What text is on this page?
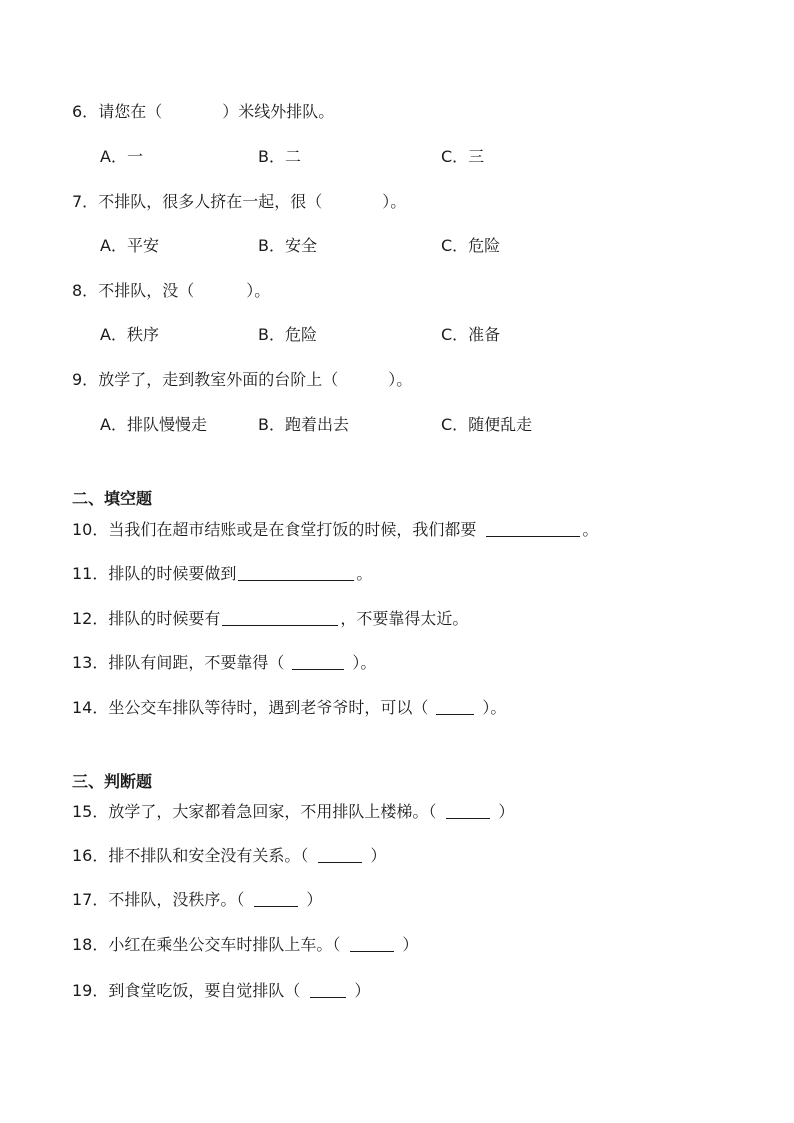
6．请您在（	）米线外排队。
A．一	B．二	C．三
7．不排队，很多人挤在一起，很（	）。
A．平安	B．安全	C．危险
8．不排队，没（	）。
A．秩序	B．危险	C．准备
9．放学了，走到教室外面的台阶上（	）。
A．排队慢慢走	B．跑着出去	C．随便乱走
二、填空题
10．当我们在超市结账或是在食堂打饭的时候，我们都要	。
11．排队的时候要做到	。
12．排队的时候要有	，不要靠得太近。
13．排队有间距，不要靠得（	）。
14．坐公交车排队等待时，遇到老爷爷时，可以（	）。
三、判断题
15．放学了，大家都着急回家，不用排队上楼梯。（	）
16．排不排队和安全没有关系。（	）
17．不排队，没秩序。（	）
18．小红在乘坐公交车时排队上车。（	）
19．到食堂吃饭，要自觉排队（	）
